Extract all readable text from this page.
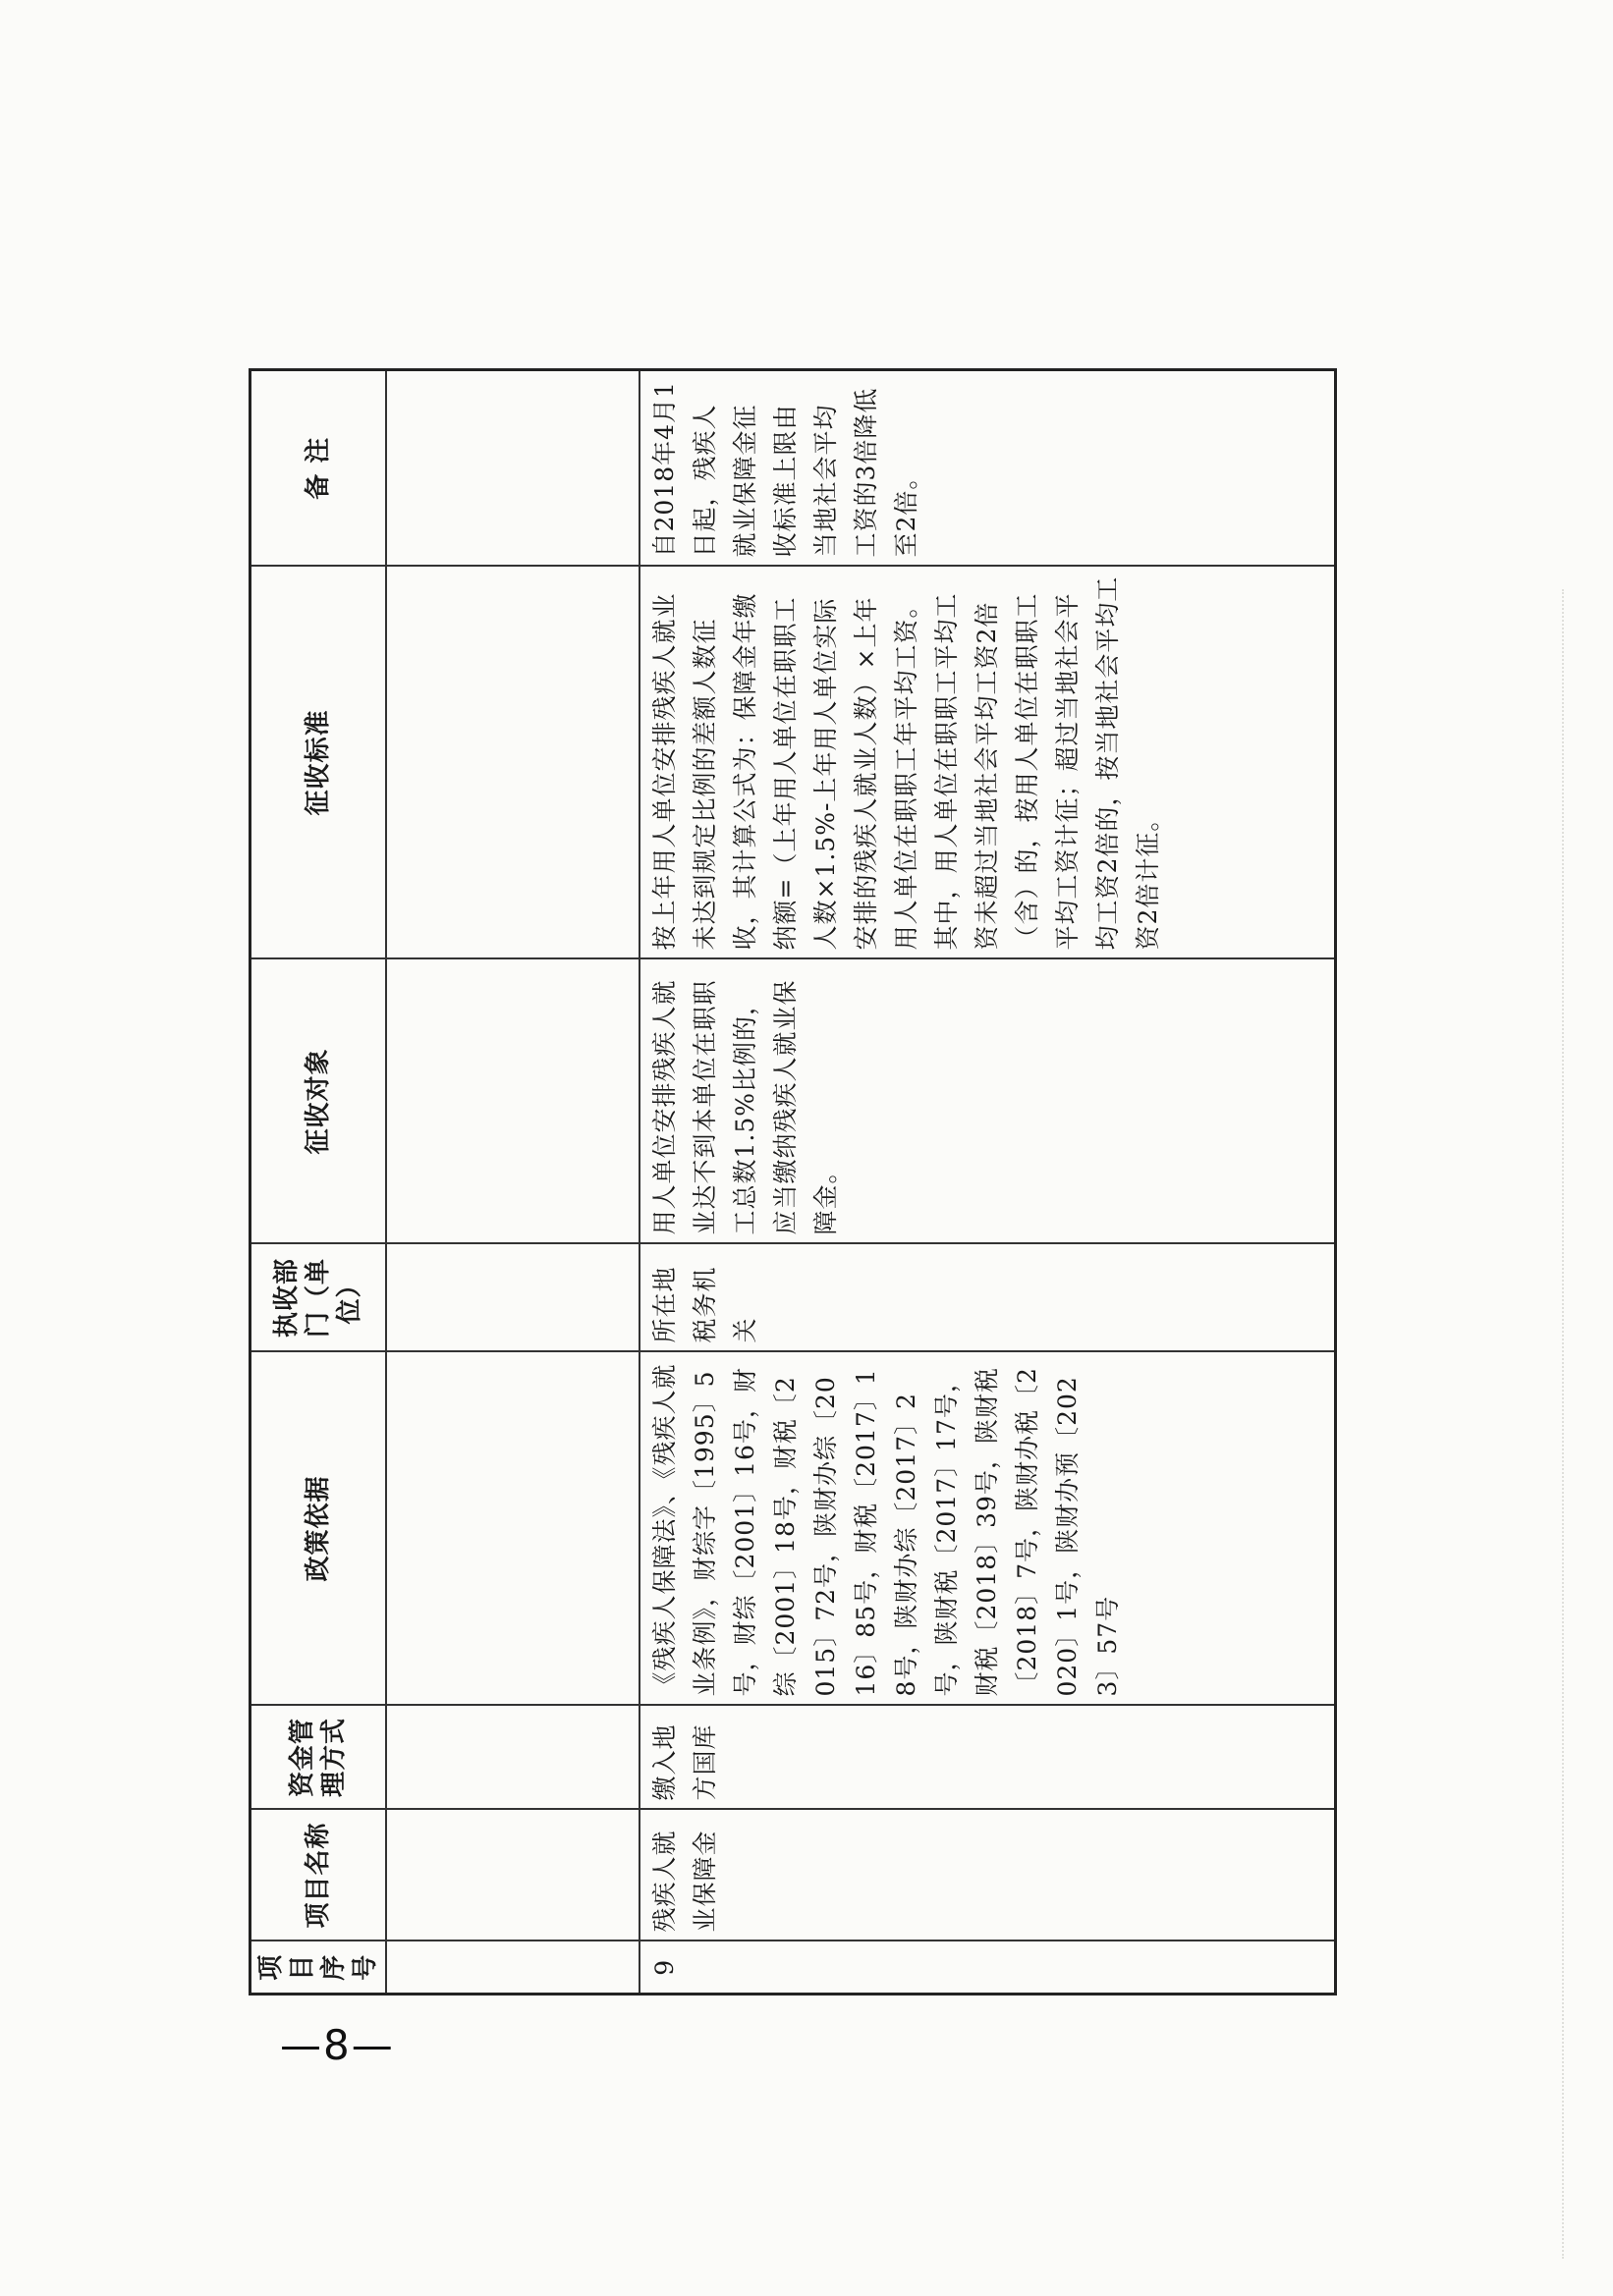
项目序号	项目名称	资金管理方式	政策依据	执收部门（单位）	征收对象	征收标准	备 注

9	残疾人就业保障金	缴入地方国库	《残疾人保障法》、《残疾人就业条例》，财综字〔1995〕5号，财综〔2001〕16号，财综〔2001〕18号，财税〔2015〕72号，陕财办综〔2016〕85号，财税〔2017〕18号，陕财办综〔2017〕2号，陕财税〔2017〕17号，财税〔2018〕39号，陕财税〔2018〕7号，陕财办税〔2020〕1号，陕财办预〔2023〕57号	所在地税务机关	用人单位安排残疾人就业达不到本单位在职职工总数1.5%比例的，应当缴纳残疾人就业保障金。	按上年用人单位安排残疾人就业未达到规定比例的差额人数征收，其计算公式为：保障金年缴纳额=（上年用人单位在职职工人数×1.5%-上年用人单位实际安排的残疾人就业人数）×上年用人单位在职职工年平均工资。其中，用人单位在职职工平均工资未超过当地社会平均工资2倍（含）的，按用人单位在职职工平均工资计征；超过当地社会平均工资2倍的，按当地社会平均工资2倍计征。	自2018年4月1日起，残疾人就业保障金征收标准上限由当地社会平均工资的3倍降低至2倍。
—8—
